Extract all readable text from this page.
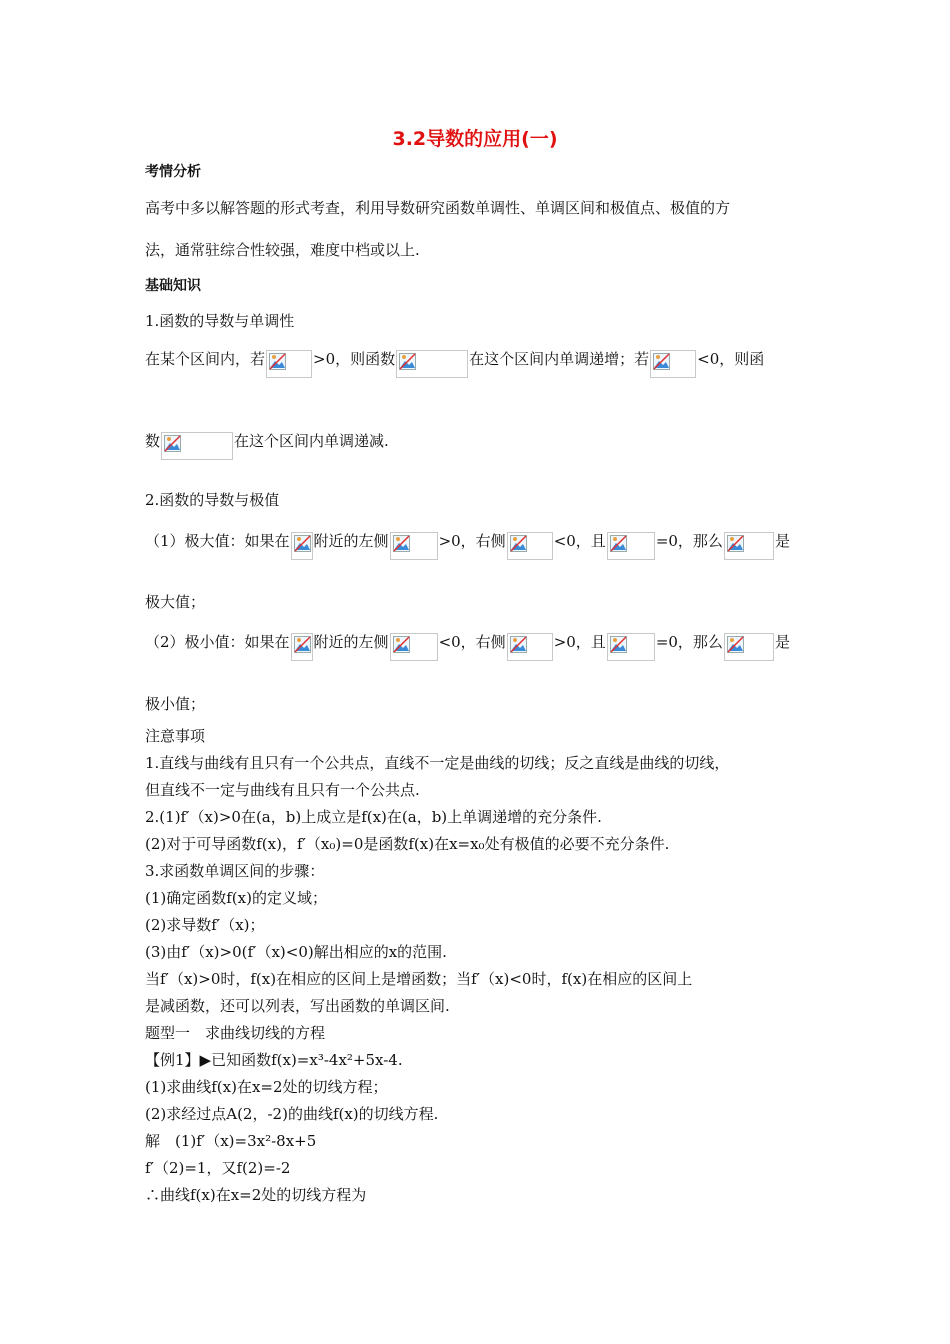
3.2导数的应用(一)
考情分析
高考中多以解答题的形式考查，利用导数研究函数单调性、单调区间和极值点、极值的方
法，通常驻综合性较强，难度中档或以上.
基础知识
1.函数的导数与单调性
在某个区间内，若	>0，则函数	在这个区间内单调递增；若	<0，则函
数	在这个区间内单调递减.
2.函数的导数与极值
（1）极大值：如果在 附近的左侧	>0，右侧	<0，且	=0，那么	是
极大值；
（2）极小值：如果在 附近的左侧	<0，右侧	>0，且	=0，那么	是
极小值；
注意事项
1.直线与曲线有且只有一个公共点，直线不一定是曲线的切线；反之直线是曲线的切线，
但直线不一定与曲线有且只有一个公共点.
2.(1)f′（x)>0在(a，b)上成立是f(x)在(a，b)上单调递增的充分条件.
(2)对于可导函数f(x)，f′（x₀)=0是函数f(x)在x=x₀处有极值的必要不充分条件.
3.求函数单调区间的步骤：
(1)确定函数f(x)的定义域；
(2)求导数f′（x)；
(3)由f′（x)>0(f′（x)<0)解出相应的x的范围.
当f′（x)>0时，f(x)在相应的区间上是增函数；当f′（x)<0时，f(x)在相应的区间上
是减函数，还可以列表，写出函数的单调区间.
题型一　求曲线切线的方程
【例1】▶已知函数f(x)=x³-4x²+5x-4.
(1)求曲线f(x)在x=2处的切线方程；
(2)求经过点A(2，-2)的曲线f(x)的切线方程.
解　(1)f′（x)=3x²-8x+5
f′（2)=1，又f(2)=-2
∴曲线f(x)在x=2处的切线方程为
